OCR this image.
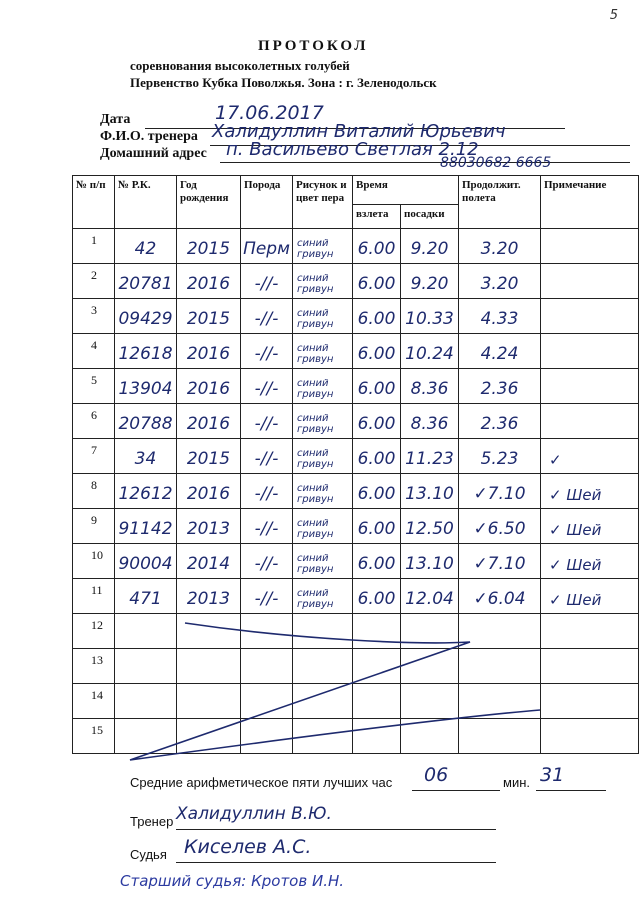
5
ПРОТОКОЛ
соревнования высоколетных голубей
Первенство Кубка Поволжья. Зона : г. Зеленодольск
Дата	17.06.2017
Ф.И.О. тренера Халидуллин Виталий Юрьевич
Домашний адрес п. Васильево Светлая 2.12
88030682 6665
№ п/п	№ Р.К.	Год рождения	Порода	Рисунок и цвет пера	Время		Продолжит. полета	Примечание
					взлета	посадки		

1	42	2015	Перм	синий гривун	6.00	9.20	3.20	

2	20781	2016	-//-	синий гривун	6.00	9.20	3.20	

3	09429	2015	-//-	синий гривун	6.00	10.33	4.33	

4	12618	2016	-//-	синий гривун	6.00	10.24	4.24	

5	13904	2016	-//-	синий гривун	6.00	8.36	2.36	

6	20788	2016	-//-	синий гривун	6.00	8.36	2.36	

7	34	2015	-//-	синий гривун	6.00	11.23	5.23	✓

8	12612	2016	-//-	синий гривун	6.00	13.10	✓7.10	✓ Шей

9	91142	2013	-//-	синий гривун	6.00	12.50	✓6.50	✓ Шей

10	90004	2014	-//-	синий гривун	6.00	13.10	✓7.10	✓ Шей

11	471	2013	-//-	синий гривун	6.00	12.04	✓6.04	✓ Шей

12								

13								

14								

15								

Средние арифметическое пяти лучших час 06	мин. 31
Тренер Халидуллин В.Ю.
Судья Киселев А.С.
Старший судья: Кротов И.Н.
